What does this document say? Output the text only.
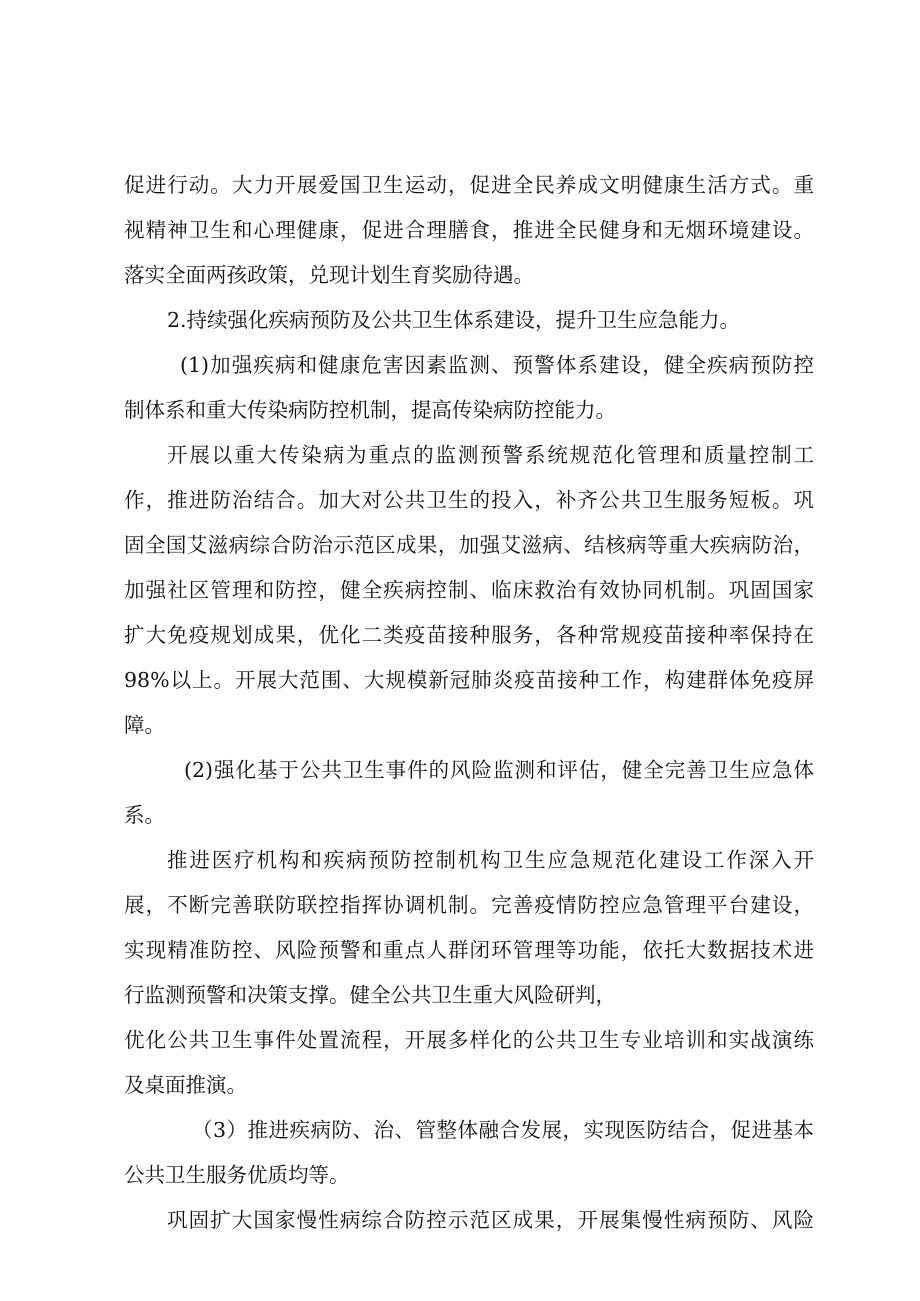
促进行动。大力开展爱国卫生运动，促进全民养成文明健康生活方式。重
视精神卫生和心理健康，促进合理膳食，推进全民健身和无烟环境建设。
落实全面两孩政策，兑现计划生育奖励待遇。
2.持续强化疾病预防及公共卫生体系建设，提升卫生应急能力。
(1)加强疾病和健康危害因素监测、预警体系建设，健全疾病预防控
制体系和重大传染病防控机制，提高传染病防控能力。
开展以重大传染病为重点的监测预警系统规范化管理和质量控制工
作，推进防治结合。加大对公共卫生的投入，补齐公共卫生服务短板。巩
固全国艾滋病综合防治示范区成果，加强艾滋病、结核病等重大疾病防治，
加强社区管理和防控，健全疾病控制、临床救治有效协同机制。巩固国家
扩大免疫规划成果，优化二类疫苗接种服务，各种常规疫苗接种率保持在
98%以上。开展大范围、大规模新冠肺炎疫苗接种工作，构建群体免疫屏
障。
(2)强化基于公共卫生事件的风险监测和评估，健全完善卫生应急体
系。
推进医疗机构和疾病预防控制机构卫生应急规范化建设工作深入开
展，不断完善联防联控指挥协调机制。完善疫情防控应急管理平台建设，
实现精准防控、风险预警和重点人群闭环管理等功能，依托大数据技术进
行监测预警和决策支撑。健全公共卫生重大风险研判，
优化公共卫生事件处置流程，开展多样化的公共卫生专业培训和实战演练
及桌面推演。
（3）推进疾病防、治、管整体融合发展，实现医防结合，促进基本
公共卫生服务优质均等。
巩固扩大国家慢性病综合防控示范区成果，开展集慢性病预防、风险
